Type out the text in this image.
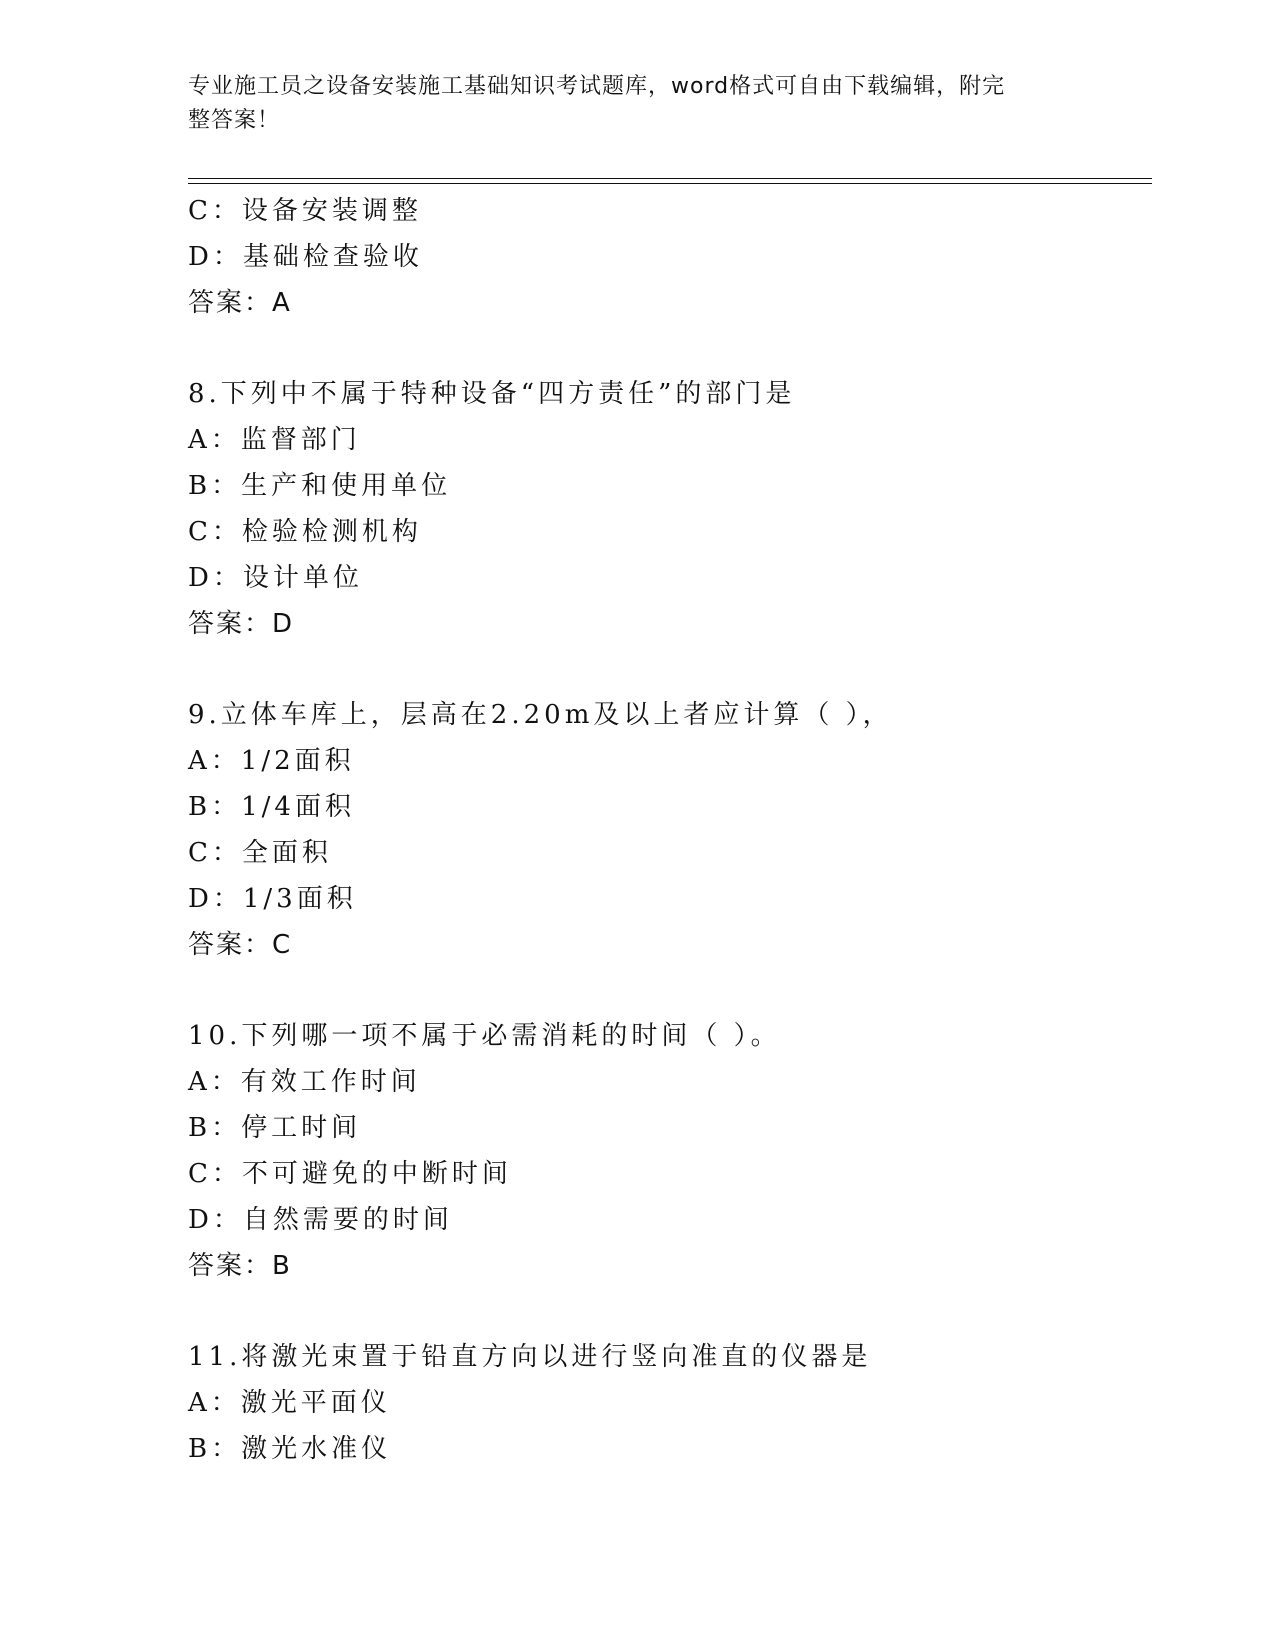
专业施工员之设备安装施工基础知识考试题库，word格式可自由下载编辑，附完
整答案！
C：设备安装调整
D：基础检查验收
答案：A
8.下列中不属于特种设备“四方责任”的部门是
A：监督部门
B：生产和使用单位
C：检验检测机构
D：设计单位
答案：D
9.立体车库上，层高在2.20m及以上者应计算（ ），
A：1/2面积
B：1/4面积
C：全面积
D：1/3面积
答案：C
10.下列哪一项不属于必需消耗的时间（ ）。
A：有效工作时间
B：停工时间
C：不可避免的中断时间
D：自然需要的时间
答案：B
11.将激光束置于铅直方向以进行竖向准直的仪器是
A：激光平面仪
B：激光水准仪
